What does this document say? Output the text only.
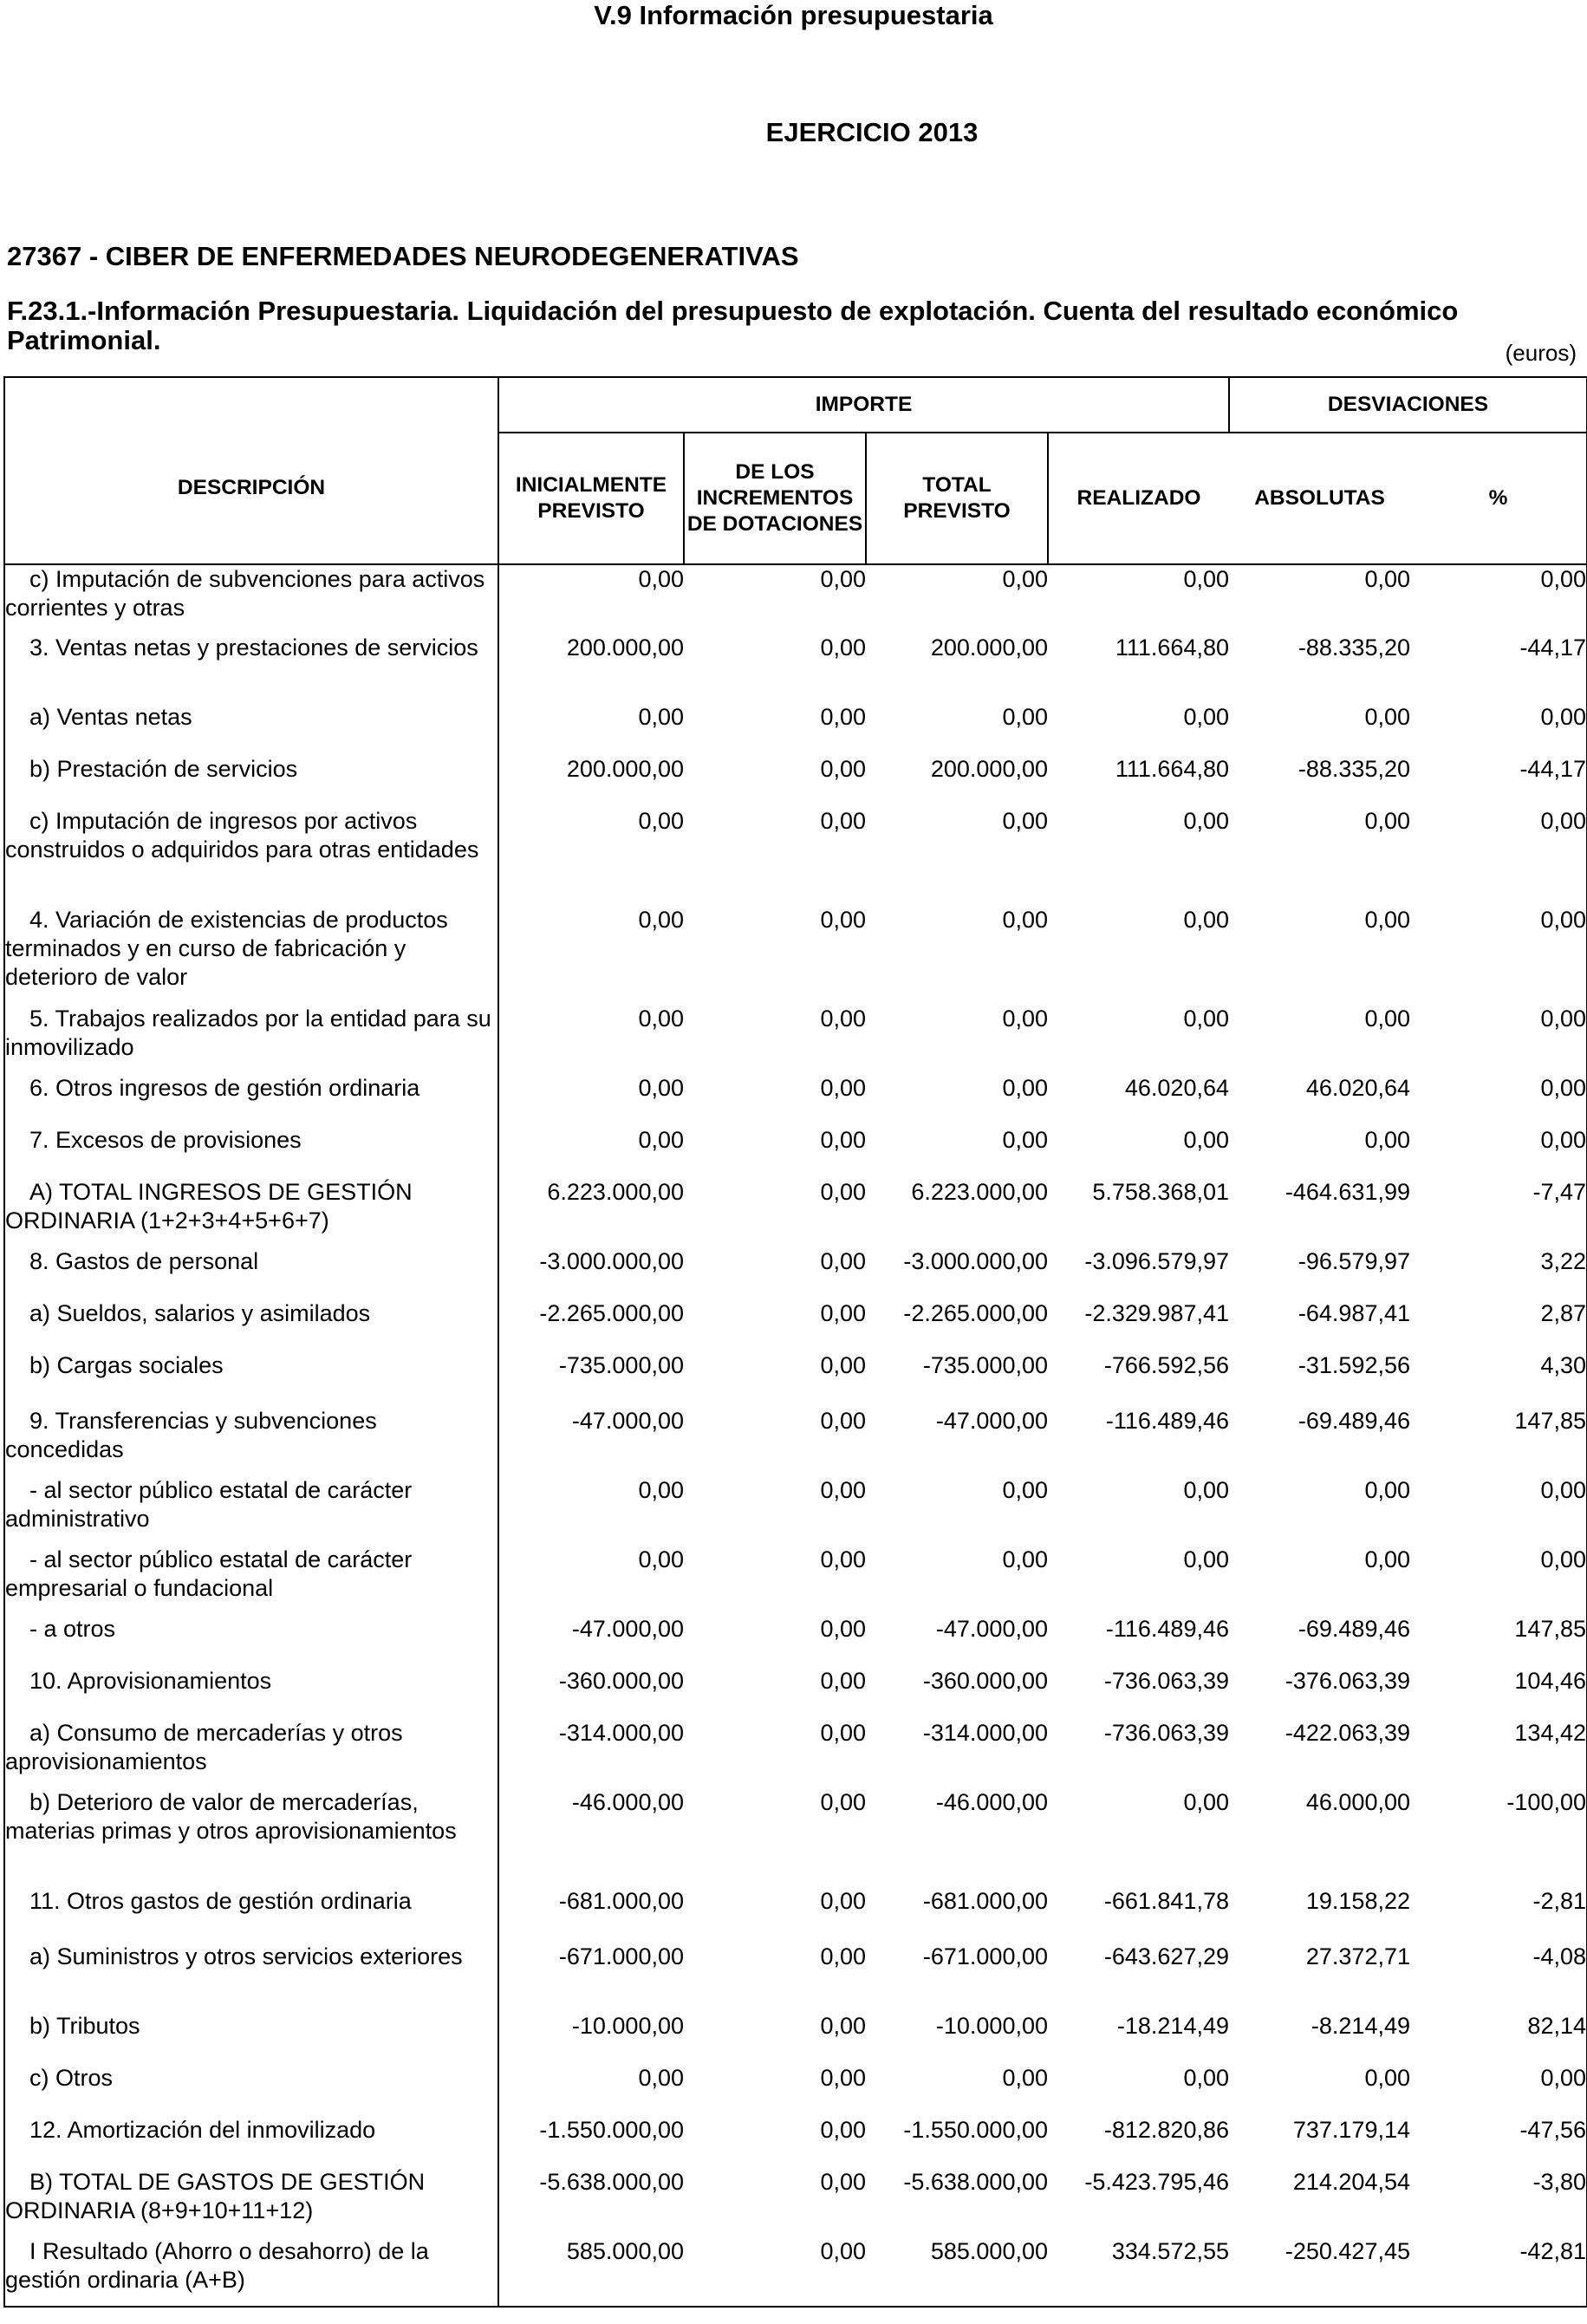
V.9 Información presupuestaria
EJERCICIO 2013
27367 - CIBER DE ENFERMEDADES NEURODEGENERATIVAS
F.23.1.-Información Presupuestaria. Liquidación del presupuesto de explotación. Cuenta del resultado económico Patrimonial.	(euros)
DESCRIPCIÓN	IMPORTE				DESVIACIONES	
	INICIALMENTE PREVISTO	DE LOS INCREMENTOS DE DOTACIONES	TOTAL PREVISTO	REALIZADO	ABSOLUTAS	%
c) Imputación de subvenciones para activos corrientes y otras	0,00	0,00	0,00	0,00	0,00	0,00
3. Ventas netas y prestaciones de servicios	200.000,00	0,00	200.000,00	111.664,80	-88.335,20	-44,17
a) Ventas netas	0,00	0,00	0,00	0,00	0,00	0,00
b) Prestación de servicios	200.000,00	0,00	200.000,00	111.664,80	-88.335,20	-44,17
c) Imputación de ingresos por activos construidos o adquiridos para otras entidades	0,00	0,00	0,00	0,00	0,00	0,00
4. Variación de existencias de productos terminados y en curso de fabricación y deterioro de valor	0,00	0,00	0,00	0,00	0,00	0,00
5. Trabajos realizados por la entidad para su inmovilizado	0,00	0,00	0,00	0,00	0,00	0,00
6. Otros ingresos de gestión ordinaria	0,00	0,00	0,00	46.020,64	46.020,64	0,00
7. Excesos de provisiones	0,00	0,00	0,00	0,00	0,00	0,00
A) TOTAL INGRESOS DE GESTIÓN ORDINARIA (1+2+3+4+5+6+7)	6.223.000,00	0,00	6.223.000,00	5.758.368,01	-464.631,99	-7,47
8. Gastos de personal	-3.000.000,00	0,00	-3.000.000,00	-3.096.579,97	-96.579,97	3,22
a) Sueldos, salarios y asimilados	-2.265.000,00	0,00	-2.265.000,00	-2.329.987,41	-64.987,41	2,87
b) Cargas sociales	-735.000,00	0,00	-735.000,00	-766.592,56	-31.592,56	4,30
9. Transferencias y subvenciones concedidas	-47.000,00	0,00	-47.000,00	-116.489,46	-69.489,46	147,85
- al sector público estatal de carácter administrativo	0,00	0,00	0,00	0,00	0,00	0,00
- al sector público estatal de carácter empresarial o fundacional	0,00	0,00	0,00	0,00	0,00	0,00
- a otros	-47.000,00	0,00	-47.000,00	-116.489,46	-69.489,46	147,85
10. Aprovisionamientos	-360.000,00	0,00	-360.000,00	-736.063,39	-376.063,39	104,46
a) Consumo de mercaderías y otros aprovisionamientos	-314.000,00	0,00	-314.000,00	-736.063,39	-422.063,39	134,42
b) Deterioro de valor de mercaderías, materias primas y otros aprovisionamientos	-46.000,00	0,00	-46.000,00	0,00	46.000,00	-100,00
11. Otros gastos de gestión ordinaria	-681.000,00	0,00	-681.000,00	-661.841,78	19.158,22	-2,81
a) Suministros y otros servicios exteriores	-671.000,00	0,00	-671.000,00	-643.627,29	27.372,71	-4,08
b) Tributos	-10.000,00	0,00	-10.000,00	-18.214,49	-8.214,49	82,14
c) Otros	0,00	0,00	0,00	0,00	0,00	0,00
12. Amortización del inmovilizado	-1.550.000,00	0,00	-1.550.000,00	-812.820,86	737.179,14	-47,56
B) TOTAL DE GASTOS DE GESTIÓN ORDINARIA (8+9+10+11+12)	-5.638.000,00	0,00	-5.638.000,00	-5.423.795,46	214.204,54	-3,80
I Resultado (Ahorro o desahorro) de la gestión ordinaria (A+B)	585.000,00	0,00	585.000,00	334.572,55	-250.427,45	-42,81
